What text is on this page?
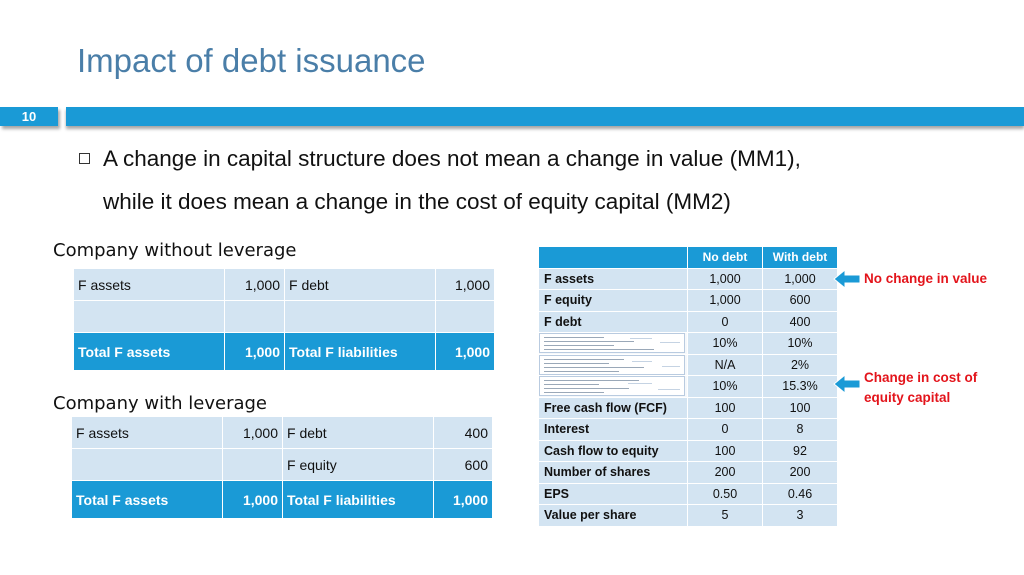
Impact of debt issuance
10
A change in capital structure does not mean a change in value (MM1),
while it does mean a change in the cost of equity capital (MM2)
Company without leverage
F assets	1,000	F debt	1,000

Total F assets	1,000	Total F liabilities	1,000
Company with leverage
F assets	1,000	F debt	400
		F equity	600
Total F assets	1,000	Total F liabilities	1,000
	No debt	With debt
F assets	1,000	1,000
F equity	1,000	600
F debt	0	400

	10%	10%

	N/A	2%

	10%	15.3%
Free cash flow (FCF)	100	100
Interest	0	8
Cash flow to equity	100	92
Number of shares	200	200
EPS	0.50	0.46
Value per share	5	3
No change in value
Change in cost of
equity capital
